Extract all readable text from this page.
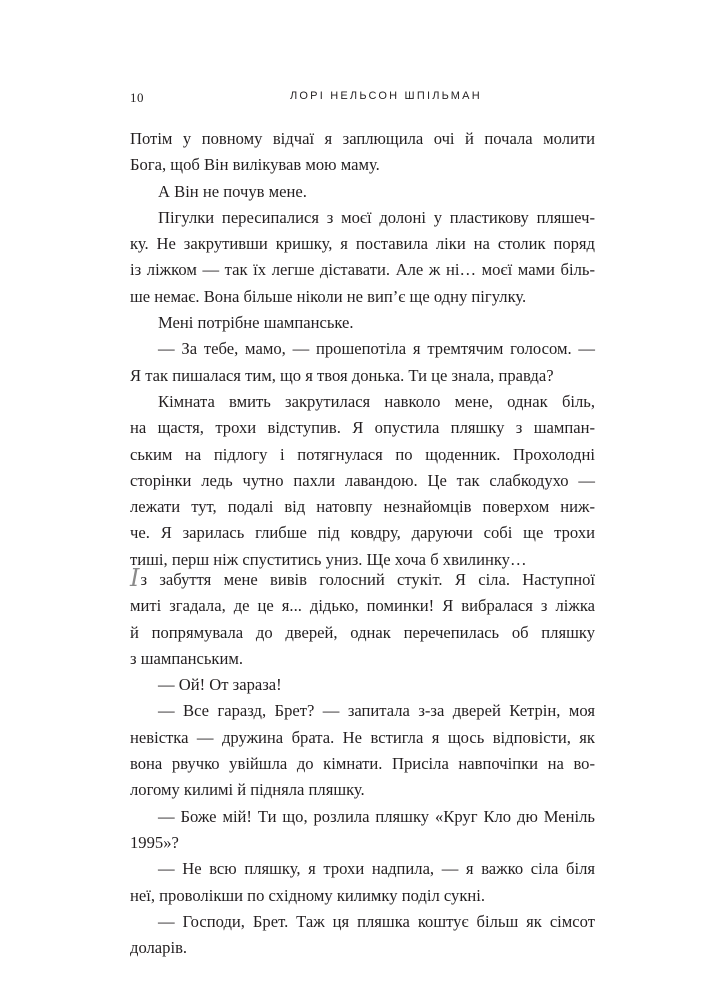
10	ЛОРІ НЕЛЬСОН ШПІЛЬМАН
Потім у повному відчаї я заплющила очі й почала молити
Бога, щоб Він вилікував мою маму.
А Він не почув мене.
Пігулки пересипалися з моєї долоні у пластикову пляшеч-
ку. Не закрутивши кришку, я поставила ліки на столик поряд
із ліжком — так їх легше діставати. Але ж ні… моєї мами біль-
ше немає. Вона більше ніколи не вип’є ще одну пігулку.
Мені потрібне шампанське.
— За тебе, мамо, — прошепотіла я тремтячим голосом. —
Я так пишалася тим, що я твоя донька. Ти це знала, правда?
Кімната вмить закрутилася навколо мене, однак біль,
на щастя, трохи відступив. Я опустила пляшку з шампан-
ським на підлогу і потягнулася по щоденник. Прохолодні
сторінки ледь чутно пахли лавандою. Це так слабкодухо —
лежати тут, подалі від натовпу незнайомців поверхом ниж-
че. Я зарилась глибше під ковдру, даруючи собі ще трохи
тиші, перш ніж спуститись униз. Ще хоча б хвилинку…
Із забуття мене вивів голосний стукіт. Я сіла. Наступної
миті згадала, де це я... дідько, поминки! Я вибралася з ліжка
й попрямувала до дверей, однак перечепилась об пляшку
з шампанським.
— Ой! От зараза!
— Все гаразд, Брет? — запитала з-за дверей Кетрін, моя
невістка — дружина брата. Не встигла я щось відповісти, як
вона рвучко увійшла до кімнати. Присіла навпочіпки на во-
логому килимі й підняла пляшку.
— Боже мій! Ти що, розлила пляшку «Круг Кло дю Меніль
1995»?
— Не всю пляшку, я трохи надпила, — я важко сіла біля
неї, проволікши по східному килимку поділ сукні.
— Господи, Брет. Таж ця пляшка коштує більш як сімсот
доларів.
